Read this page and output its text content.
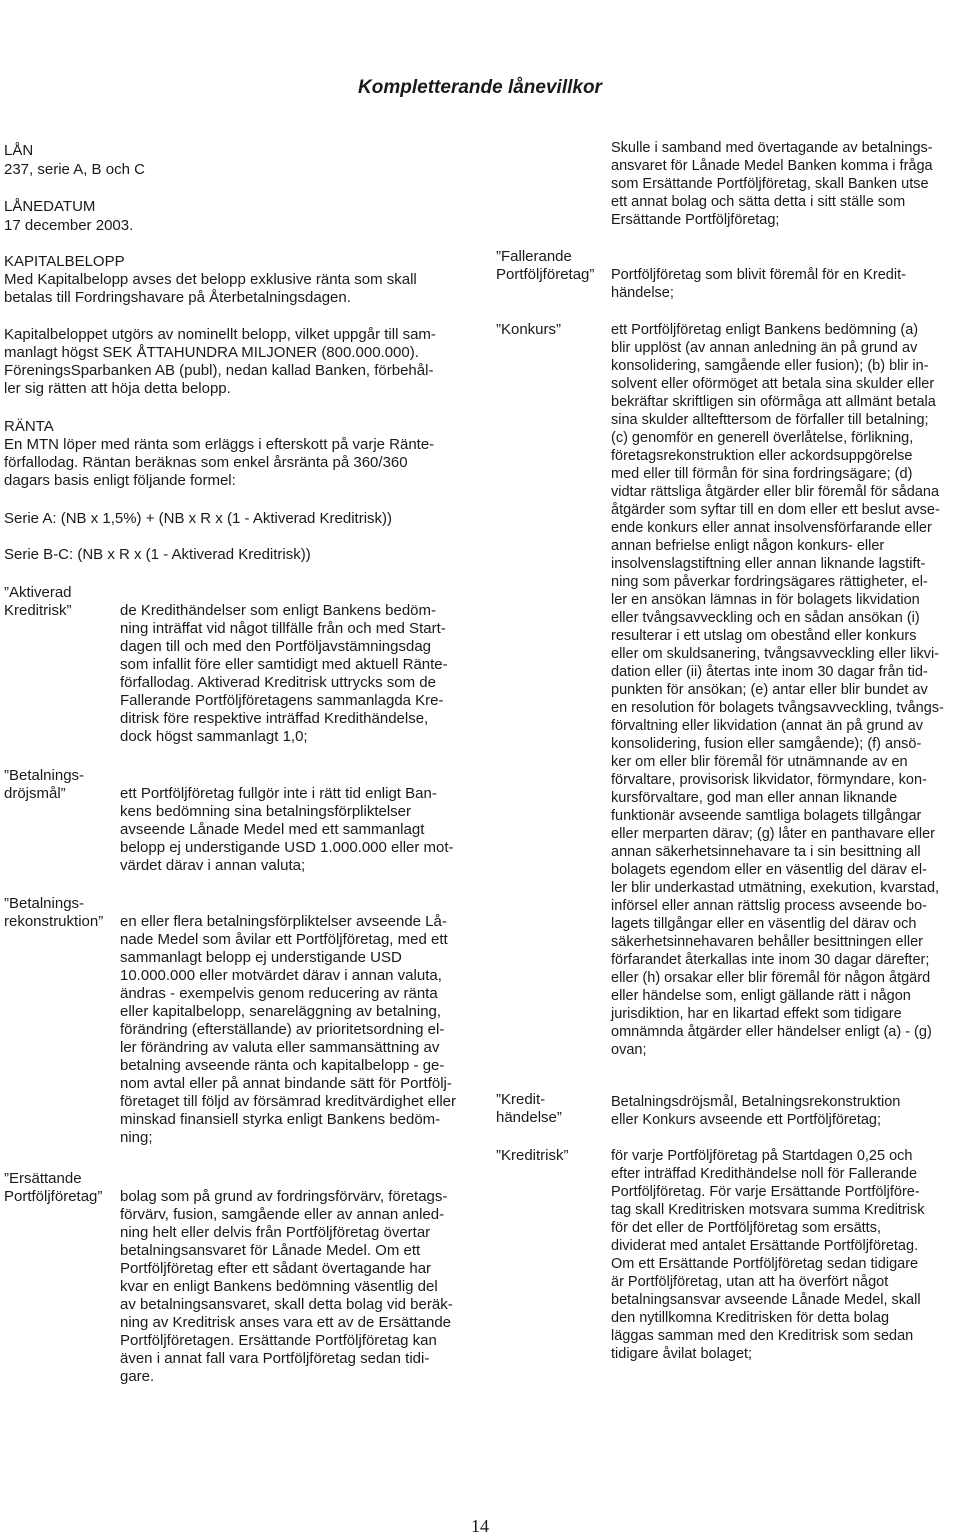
Kompletterande lånevillkor
LÅN
237, serie A, B och C
LÅNEDATUM
17 december 2003.
KAPITALBELOPP
Med Kapitalbelopp avses det belopp exklusive ränta som skall
betalas till Fordringshavare på Återbetalningsdagen.
Kapitalbeloppet utgörs av nominellt belopp, vilket uppgår till sam-
manlagt högst SEK ÅTTAHUNDRA MILJONER (800.000.000).
FöreningsSparbanken AB (publ), nedan kallad Banken, förbehål-
ler sig rätten att höja detta belopp.
RÄNTA
En MTN löper med ränta som erläggs i efterskott på varje Ränte-
förfallodag. Räntan beräknas som enkel årsränta på 360/360
dagars basis enligt följande formel:
Serie A: (NB x 1,5%) + (NB x R x (1 - Aktiverad Kreditrisk))
Serie B-C: (NB x R x (1 - Aktiverad Kreditrisk))
”Aktiverad
Kreditrisk”	de Kredithändelser som enligt Bankens bedöm-
ning inträffat vid något tillfälle från och med Start-
dagen till och med den Portföljavstämningsdag
som infallit före eller samtidigt med aktuell Ränte-
förfallodag. Aktiverad Kreditrisk uttrycks som de
Fallerande Portföljföretagens sammanlagda Kre-
ditrisk före respektive inträffad Kredithändelse,
dock högst sammanlagt 1,0;
”Betalnings-
dröjsmål”	ett Portföljföretag fullgör inte i rätt tid enligt Ban-
kens bedömning sina betalningsförpliktelser
avseende Lånade Medel med ett sammanlagt
belopp ej understigande USD 1.000.000 eller mot-
värdet därav i annan valuta;
”Betalnings-
rekonstruktion” en eller flera betalningsförpliktelser avseende Lå-
nade Medel som åvilar ett Portföljföretag, med ett
sammanlagt belopp ej understigande USD
10.000.000 eller motvärdet därav i annan valuta,
ändras - exempelvis genom reducering av ränta
eller kapitalbelopp, senareläggning av betalning,
förändring (efterställande) av prioritetsordning el-
ler förändring av valuta eller sammansättning av
betalning avseende ränta och kapitalbelopp - ge-
nom avtal eller på annat bindande sätt för Portfölj-
företaget till följd av försämrad kreditvärdighet eller
minskad finansiell styrka enligt Bankens bedöm-
ning;
”Ersättande
Portföljföretag” bolag som på grund av fordringsförvärv, företags-
förvärv, fusion, samgående eller av annan anled-
ning helt eller delvis från Portföljföretag övertar
betalningsansvaret för Lånade Medel. Om ett
Portföljföretag efter ett sådant övertagande har
kvar en enligt Bankens bedömning väsentlig del
av betalningsansvaret, skall detta bolag vid beräk-
ning av Kreditrisk anses vara ett av de Ersättande
Portföljföretagen. Ersättande Portföljföretag kan
även i annat fall vara Portföljföretag sedan tidi-
gare.
Skulle i samband med övertagande av betalnings-
ansvaret för Lånade Medel Banken komma i fråga
som Ersättande Portföljföretag, skall Banken utse
ett annat bolag och sätta detta i sitt ställe som
Ersättande Portföljföretag;
”Fallerande
Portföljföretag” Portföljföretag som blivit föremål för en Kredit-
händelse;
”Konkurs”	ett Portföljföretag enligt Bankens bedömning (a)
blir upplöst (av annan anledning än på grund av
konsolidering, samgående eller fusion); (b) blir in-
solvent eller oförmöget att betala sina skulder eller
bekräftar skriftligen sin oförmåga att allmänt betala
sina skulder alltefttersom de förfaller till betalning;
(c) genomför en generell överlåtelse, förlikning,
företagsrekonstruktion eller ackordsuppgörelse
med eller till förmån för sina fordringsägare; (d)
vidtar rättsliga åtgärder eller blir föremål för sådana
åtgärder som syftar till en dom eller ett beslut avse-
ende konkurs eller annat insolvensförfarande eller
annan befrielse enligt någon konkurs- eller
insolvenslagstiftning eller annan liknande lagstift-
ning som påverkar fordringsägares rättigheter, el-
ler en ansökan lämnas in för bolagets likvidation
eller tvångsavveckling och en sådan ansökan (i)
resulterar i ett utslag om obestånd eller konkurs
eller om skuldsanering, tvångsavveckling eller likvi-
dation eller (ii) återtas inte inom 30 dagar från tid-
punkten för ansökan; (e) antar eller blir bundet av
en resolution för bolagets tvångsavveckling, tvångs-
förvaltning eller likvidation (annat än på grund av
konsolidering, fusion eller samgående); (f) ansö-
ker om eller blir föremål för utnämnande av en
förvaltare, provisorisk likvidator, förmyndare, kon-
kursförvaltare, god man eller annan liknande
funktionär avseende samtliga bolagets tillgångar
eller merparten därav; (g) låter en panthavare eller
annan säkerhetsinnehavare ta i sin besittning all
bolagets egendom eller en väsentlig del därav el-
ler blir underkastad utmätning, exekution, kvarstad,
införsel eller annan rättslig process avseende bo-
lagets tillgångar eller en väsentlig del därav och
säkerhetsinnehavaren behåller besittningen eller
förfarandet återkallas inte inom 30 dagar därefter;
eller (h) orsakar eller blir föremål för någon åtgärd
eller händelse som, enligt gällande rätt i någon
jurisdiktion, har en likartad effekt som tidigare
omnämnda åtgärder eller händelser enligt (a) - (g)
ovan;
”Kredit-
händelse”
Betalningsdröjsmål, Betalningsrekonstruktion
eller Konkurs avseende ett Portföljföretag;
”Kreditrisk”	för varje Portföljföretag på Startdagen 0,25 och
efter inträffad Kredithändelse noll för Fallerande
Portföljföretag. För varje Ersättande Portföljföre-
tag skall Kreditrisken motsvara summa Kreditrisk
för det eller de Portföljföretag som ersätts,
dividerat med antalet Ersättande Portföljföretag.
Om ett Ersättande Portföljföretag sedan tidigare
är Portföljföretag, utan att ha överfört något
betalningsansvar avseende Lånade Medel, skall
den nytillkomna Kreditrisken för detta bolag
läggas samman med den Kreditrisk som sedan
tidigare åvilat bolaget;
14
